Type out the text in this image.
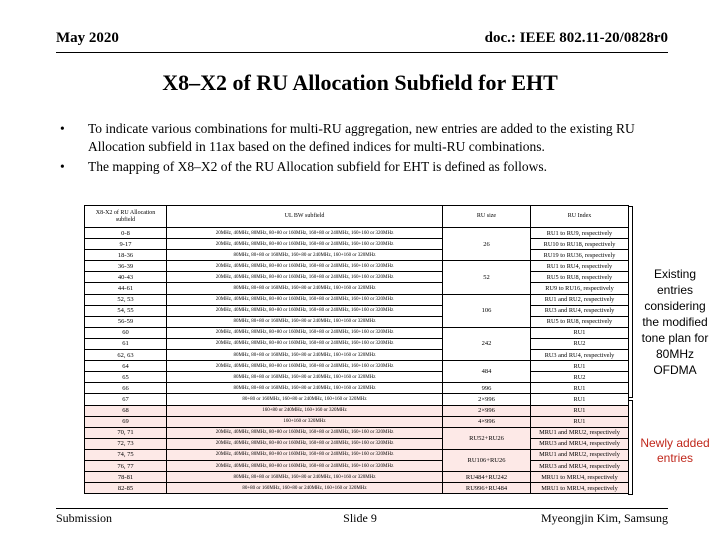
May 2020	doc.: IEEE 802.11-20/0828r0
X8–X2 of RU Allocation Subfield for EHT
• To indicate various combinations for multi-RU aggregation, new entries are added to the existing RU Allocation subfield in 11ax based on the defined indices for multi-RU combinations.
• The mapping of X8–X2 of the RU Allocation subfield for EHT is defined as follows.
X8-X2 of RU Allocation subfield	UL BW subfield	RU size	RU Index
0-8	20MHz, 40MHz, 80MHz, 80+80 or 160MHz, 160+80 or 240MHz, 160+160 or 320MHz	26	RU1 to RU9, respectively
9-17	20MHz, 40MHz, 80MHz, 80+80 or 160MHz, 160+80 or 240MHz, 160+160 or 320MHz		RU10 to RU18, respectively
18-36	80MHz, 80+80 or 160MHz, 160+80 or 240MHz, 160+160 or 320MHz		RU19 to RU36, respectively
36-39	20MHz, 40MHz, 80MHz, 80+80 or 160MHz, 160+80 or 240MHz, 160+160 or 320MHz	52	RU1 to RU4, respectively
40-43	20MHz, 40MHz, 80MHz, 80+80 or 160MHz, 160+80 or 240MHz, 160+160 or 320MHz		RU5 to RU8, respectively
44-61	80MHz, 80+80 or 160MHz, 160+80 or 240MHz, 160+160 or 320MHz		RU9 to RU16, respectively
52, 53	20MHz, 40MHz, 80MHz, 80+80 or 160MHz, 160+80 or 240MHz, 160+160 or 320MHz	106	RU1 and RU2, respectively
54, 55	20MHz, 40MHz, 80MHz, 80+80 or 160MHz, 160+80 or 240MHz, 160+160 or 320MHz		RU3 and RU4, respectively
56-59	80MHz, 80+80 or 160MHz, 160+80 or 240MHz, 160+160 or 320MHz		RU5 to RU8, respectively
60	20MHz, 40MHz, 80MHz, 80+80 or 160MHz, 160+80 or 240MHz, 160+160 or 320MHz	242	RU1
61	20MHz, 40MHz, 80MHz, 80+80 or 160MHz, 160+80 or 240MHz, 160+160 or 320MHz		RU2
62, 63	80MHz, 80+80 or 160MHz, 160+80 or 240MHz, 160+160 or 320MHz		RU3 and RU4, respectively
64	20MHz, 40MHz, 80MHz, 80+80 or 160MHz, 160+80 or 240MHz, 160+160 or 320MHz	484	RU1
65	80MHz, 80+80 or 160MHz, 160+80 or 240MHz, 160+160 or 320MHz		RU2
66	80MHz, 80+80 or 160MHz, 160+80 or 240MHz, 160+160 or 320MHz	996	RU1
67	80+80 or 160MHz, 160+80 or 240MHz, 160+160 or 320MHz	2×996	RU1
68	160+80 or 240MHz, 160+160 or 320MHz	2×996	RU1
69	160+160 or 320MHz	4×996	RU1
70, 71	20MHz, 40MHz, 80MHz, 80+80 or 160MHz, 160+80 or 240MHz, 160+160 or 320MHz	RU52+RU26	MRU1 and MRU2, respectively
72, 73	20MHz, 40MHz, 80MHz, 80+80 or 160MHz, 160+80 or 240MHz, 160+160 or 320MHz		MRU3 and MRU4, respectively
74, 75	20MHz, 40MHz, 80MHz, 80+80 or 160MHz, 160+80 or 240MHz, 160+160 or 320MHz	RU106+RU26	MRU1 and MRU2, respectively
76, 77	20MHz, 40MHz, 80MHz, 80+80 or 160MHz, 160+80 or 240MHz, 160+160 or 320MHz		MRU3 and MRU4, respectively
78-81	80MHz, 80+80 or 160MHz, 160+80 or 240MHz, 160+160 or 320MHz	RU484+RU242	MRU1 to MRU4, respectively
82-85	80+80 or 160MHz, 160+80 or 240MHz, 160+160 or 320MHz	RU996+RU484	MRU1 to MRU4, respectively
Existing entries considering the modified tone plan for 80MHz OFDMA
Newly added entries
Submission	Slide 9	Myeongjin Kim, Samsung
